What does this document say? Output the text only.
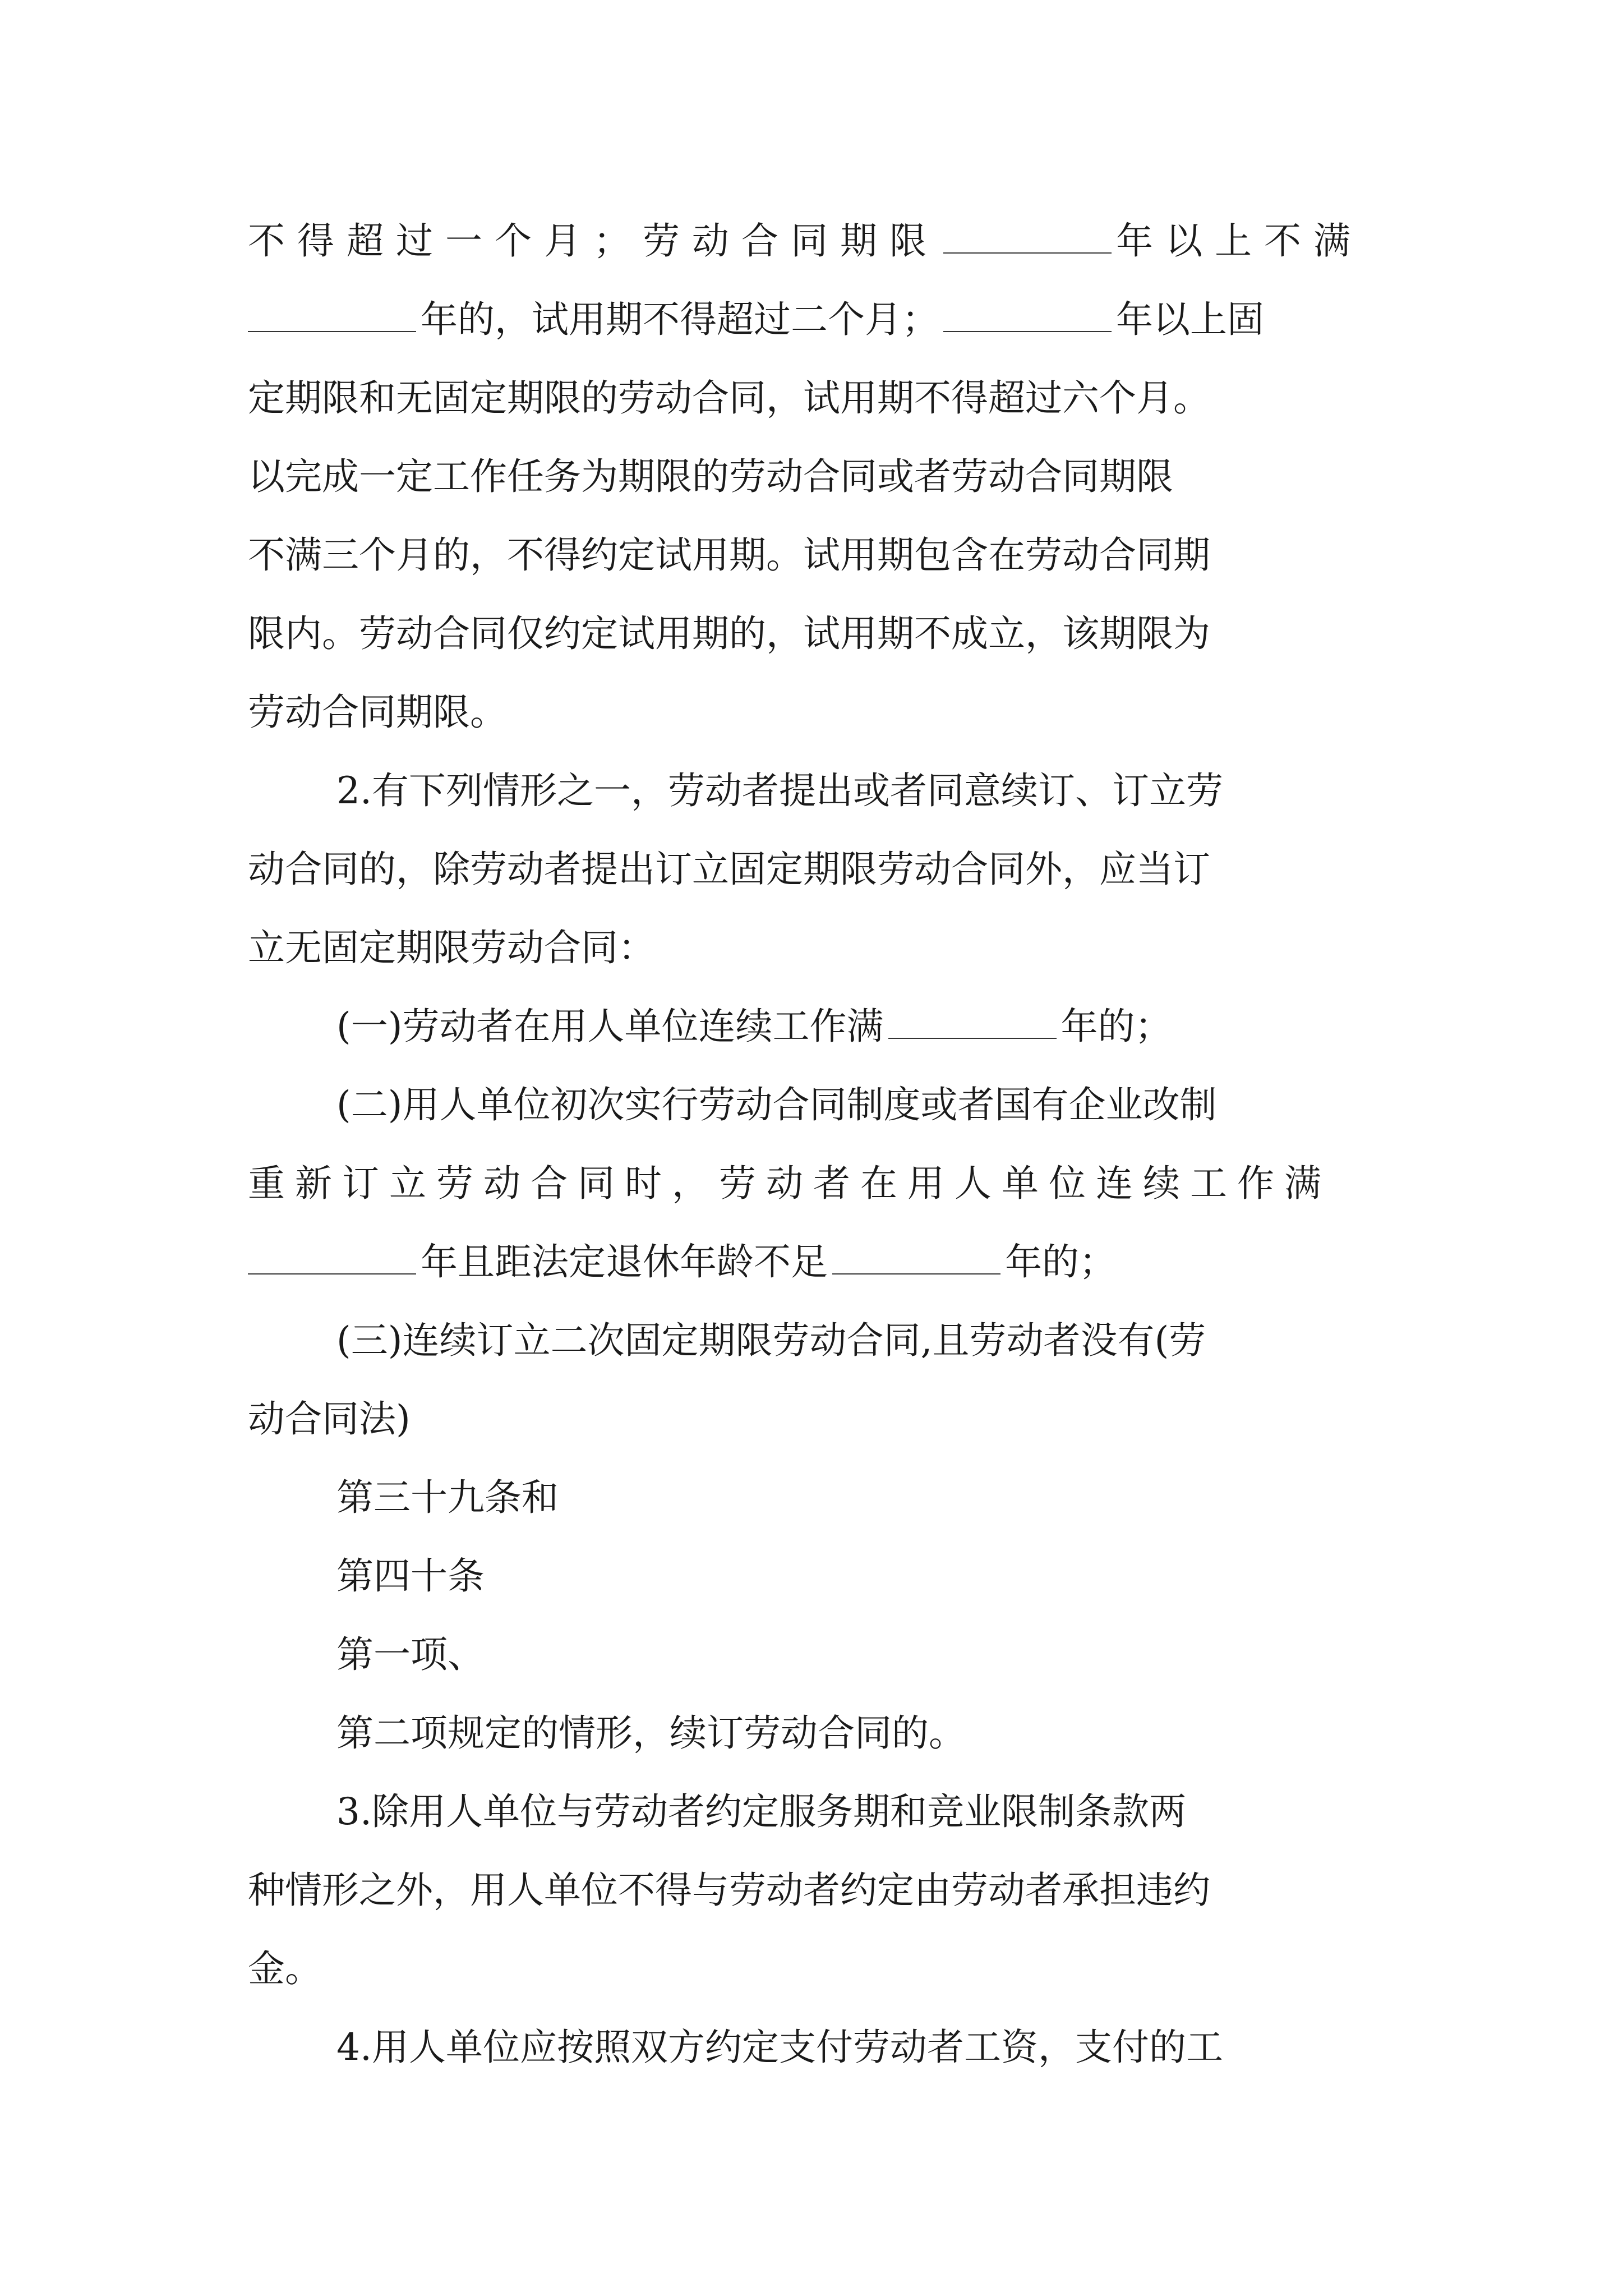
不得超过一个月；劳动合同期限	年以上不满
年的，试用期不得超过二个月；	年以上固
定期限和无固定期限的劳动合同，试用期不得超过六个月。
以完成一定工作任务为期限的劳动合同或者劳动合同期限
不满三个月的，不得约定试用期。试用期包含在劳动合同期
限内。劳动合同仅约定试用期的，试用期不成立，该期限为
劳动合同期限。
2.有下列情形之一，劳动者提出或者同意续订、订立劳
动合同的，除劳动者提出订立固定期限劳动合同外，应当订
立无固定期限劳动合同：
(一)劳动者在用人单位连续工作满	年的；
(二)用人单位初次实行劳动合同制度或者国有企业改制
重新订立劳动合同时，劳动者在用人单位连续工作满
年且距法定退休年龄不足	年的；
(三)连续订立二次固定期限劳动合同,且劳动者没有(劳
动合同法)
第三十九条和
第四十条
第一项、
第二项规定的情形，续订劳动合同的。
3.除用人单位与劳动者约定服务期和竞业限制条款两
种情形之外，用人单位不得与劳动者约定由劳动者承担违约
金。
4.用人单位应按照双方约定支付劳动者工资，支付的工
